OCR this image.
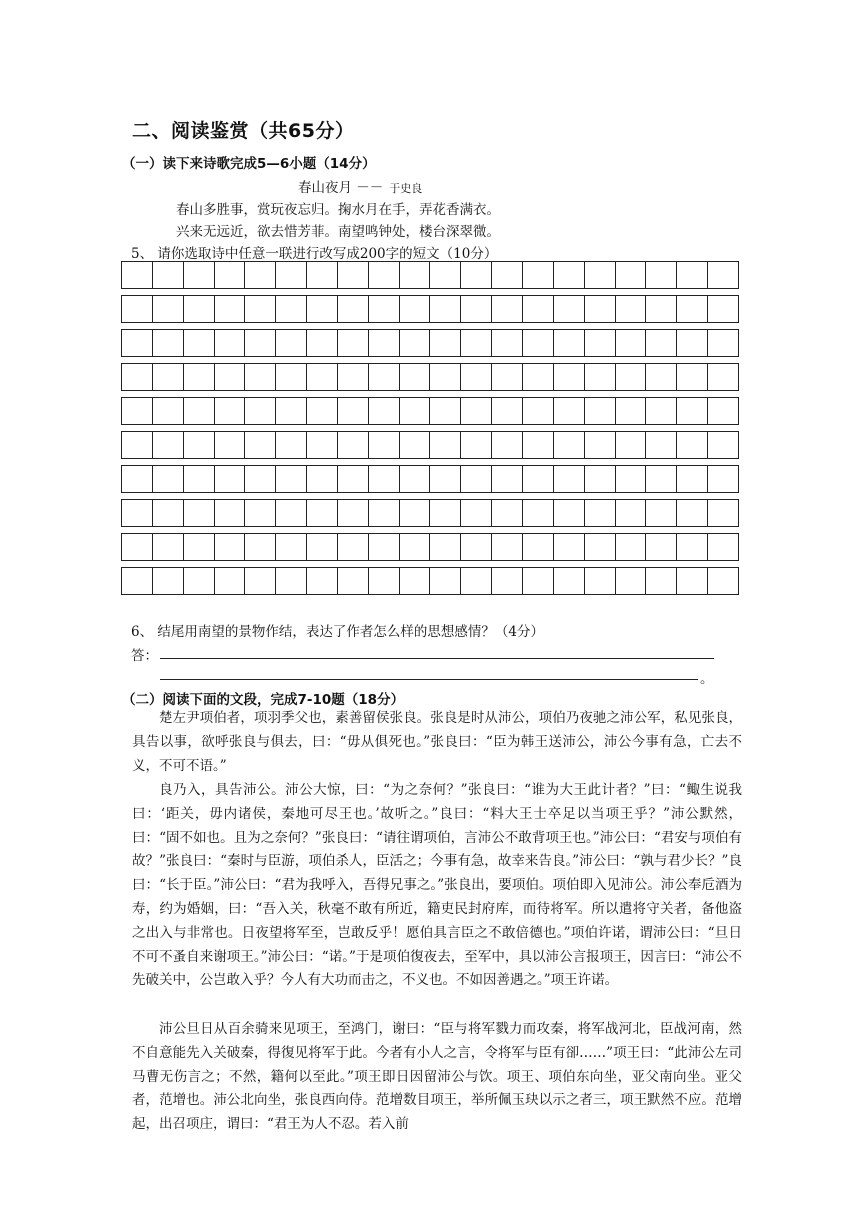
二、阅读鉴赏（共65分）
（一）读下来诗歌完成5—6小题（14分）
春山夜月 －－ 于史良
春山多胜事，赏玩夜忘归。掬水月在手，弄花香满衣。
兴来无远近，欲去惜芳菲。南望鸣钟处，楼台深翠微。
5、 请你选取诗中任意一联进行改写成200字的短文（10分）
6、 结尾用南望的景物作结，表达了作者怎么样的思想感情？（4分）
答：
。
（二）阅读下面的文段，完成7-10题（18分）

楚左尹项伯者，项羽季父也，素善留侯张良。张良是时从沛公，项伯乃夜驰之沛公军，私见张良，具告以事，欲呼张良与俱去，曰：“毋从俱死也。”张良曰：“臣为韩王送沛公，沛公今事有急，亡去不义，不可不语。”

良乃入，具告沛公。沛公大惊，曰：“为之奈何？”张良曰：“谁为大王此计者？”曰：“鲰生说我曰：‘距关，毋内诸侯，秦地可尽王也。’故听之。”良曰：“料大王士卒足以当项王乎？”沛公默然，曰：“固不如也。且为之奈何？”张良曰：“请往谓项伯，言沛公不敢背项王也。”沛公曰：“君安与项伯有故？”张良曰：“秦时与臣游，项伯杀人，臣活之；今事有急，故幸来告良。”沛公曰：“孰与君少长？”良曰：“长于臣。”沛公曰：“君为我呼入，吾得兄事之。”张良出，要项伯。项伯即入见沛公。沛公奉卮酒为寿，约为婚姻，曰：“吾入关，秋毫不敢有所近，籍吏民封府库，而待将军。所以遣将守关者，备他盗之出入与非常也。日夜望将军至，岂敢反乎！愿伯具言臣之不敢倍德也。”项伯许诺，谓沛公曰：“旦日不可不蚤自来谢项王。”沛公曰：“诺。”于是项伯復夜去，至军中，具以沛公言报项王，因言曰：“沛公不先破关中，公岂敢入乎？今人有大功而击之，不义也。不如因善遇之。”项王许诺。

沛公旦日从百余骑来见项王，至鸿门，谢曰：“臣与将军戮力而攻秦，将军战河北，臣战河南，然不自意能先入关破秦，得復见将军于此。今者有小人之言，令将军与臣有卻……”项王曰：“此沛公左司马曹无伤言之；不然，籍何以至此。”项王即日因留沛公与饮。项王、项伯东向坐，亚父南向坐。亚父者，范增也。沛公北向坐，张良西向侍。范增数目项王，举所佩玉玦以示之者三，项王默然不应。范增起，出召项庄，谓曰：“君王为人不忍。若入前
